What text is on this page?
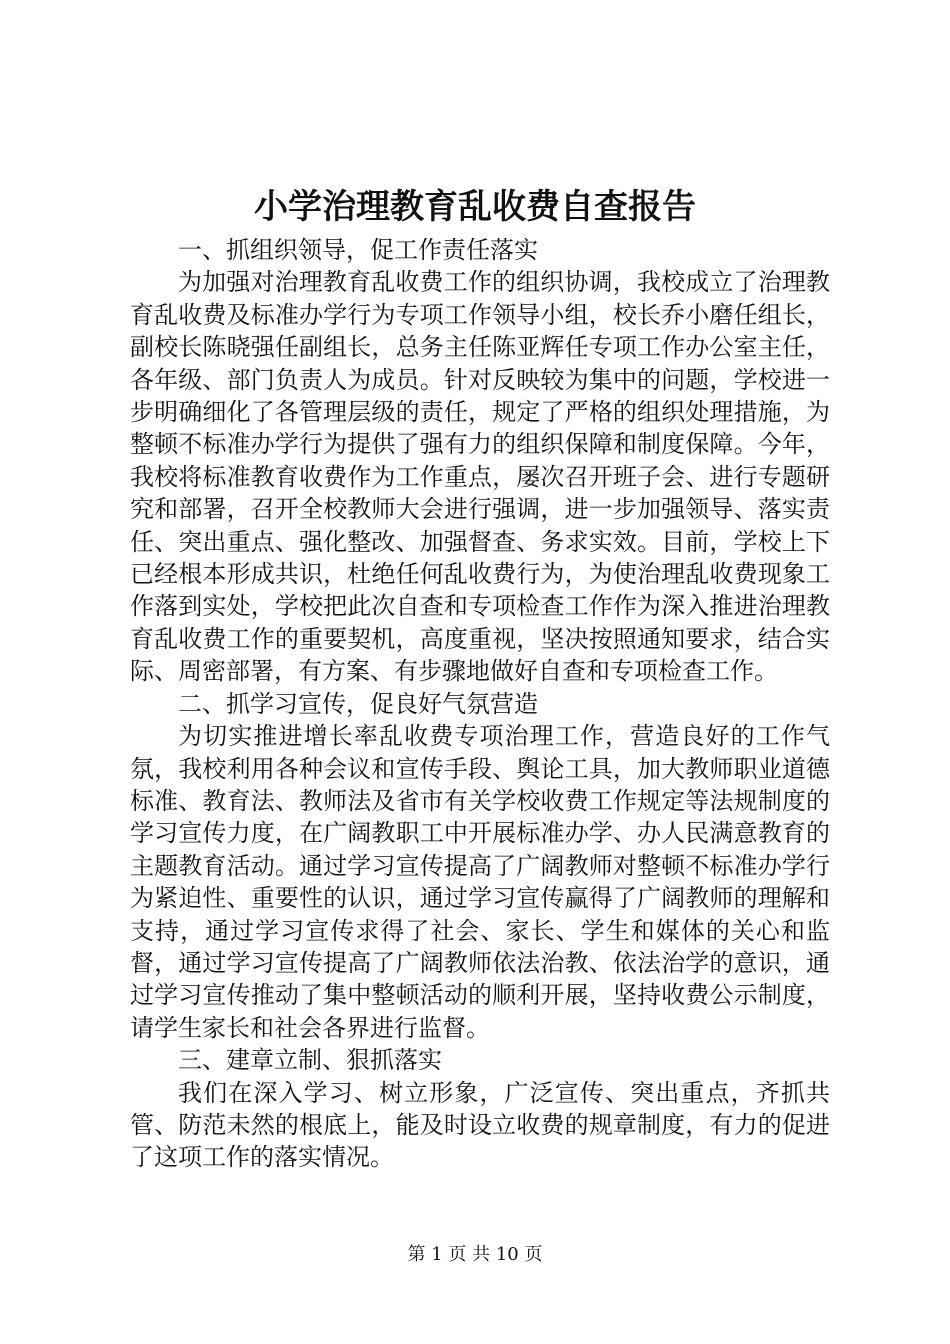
小学治理教育乱收费自查报告

一、抓组织领导，促工作责任落实

为加强对治理教育乱收费工作的组织协调，我校成立了治理教育乱收费及标准办学行为专项工作领导小组，校长乔小磨任组长，副校长陈晓强任副组长，总务主任陈亚辉任专项工作办公室主任，各年级、部门负责人为成员。针对反映较为集中的问题，学校进一步明确细化了各管理层级的责任，规定了严格的组织处理措施，为整顿不标准办学行为提供了强有力的组织保障和制度保障。今年，我校将标准教育收费作为工作重点，屡次召开班子会、进行专题研究和部署，召开全校教师大会进行强调，进一步加强领导、落实责任、突出重点、强化整改、加强督查、务求实效。目前，学校上下已经根本形成共识，杜绝任何乱收费行为，为使治理乱收费现象工作落到实处，学校把此次自查和专项检查工作作为深入推进治理教育乱收费工作的重要契机，高度重视，坚决按照通知要求，结合实际、周密部署，有方案、有步骤地做好自查和专项检查工作。

二、抓学习宣传，促良好气氛营造

为切实推进增长率乱收费专项治理工作，营造良好的工作气氛，我校利用各种会议和宣传手段、舆论工具，加大教师职业道德标准、教育法、教师法及省市有关学校收费工作规定等法规制度的学习宣传力度，在广阔教职工中开展标准办学、办人民满意教育的主题教育活动。通过学习宣传提高了广阔教师对整顿不标准办学行为紧迫性、重要性的认识，通过学习宣传赢得了广阔教师的理解和支持，通过学习宣传求得了社会、家长、学生和媒体的关心和监督，通过学习宣传提高了广阔教师依法治教、依法治学的意识，通过学习宣传推动了集中整顿活动的顺利开展，坚持收费公示制度，请学生家长和社会各界进行监督。

三、建章立制、狠抓落实

我们在深入学习、树立形象，广泛宣传、突出重点，齐抓共管、防范未然的根底上，能及时设立收费的规章制度，有力的促进了这项工作的落实情况。

第 1 页 共 10 页
